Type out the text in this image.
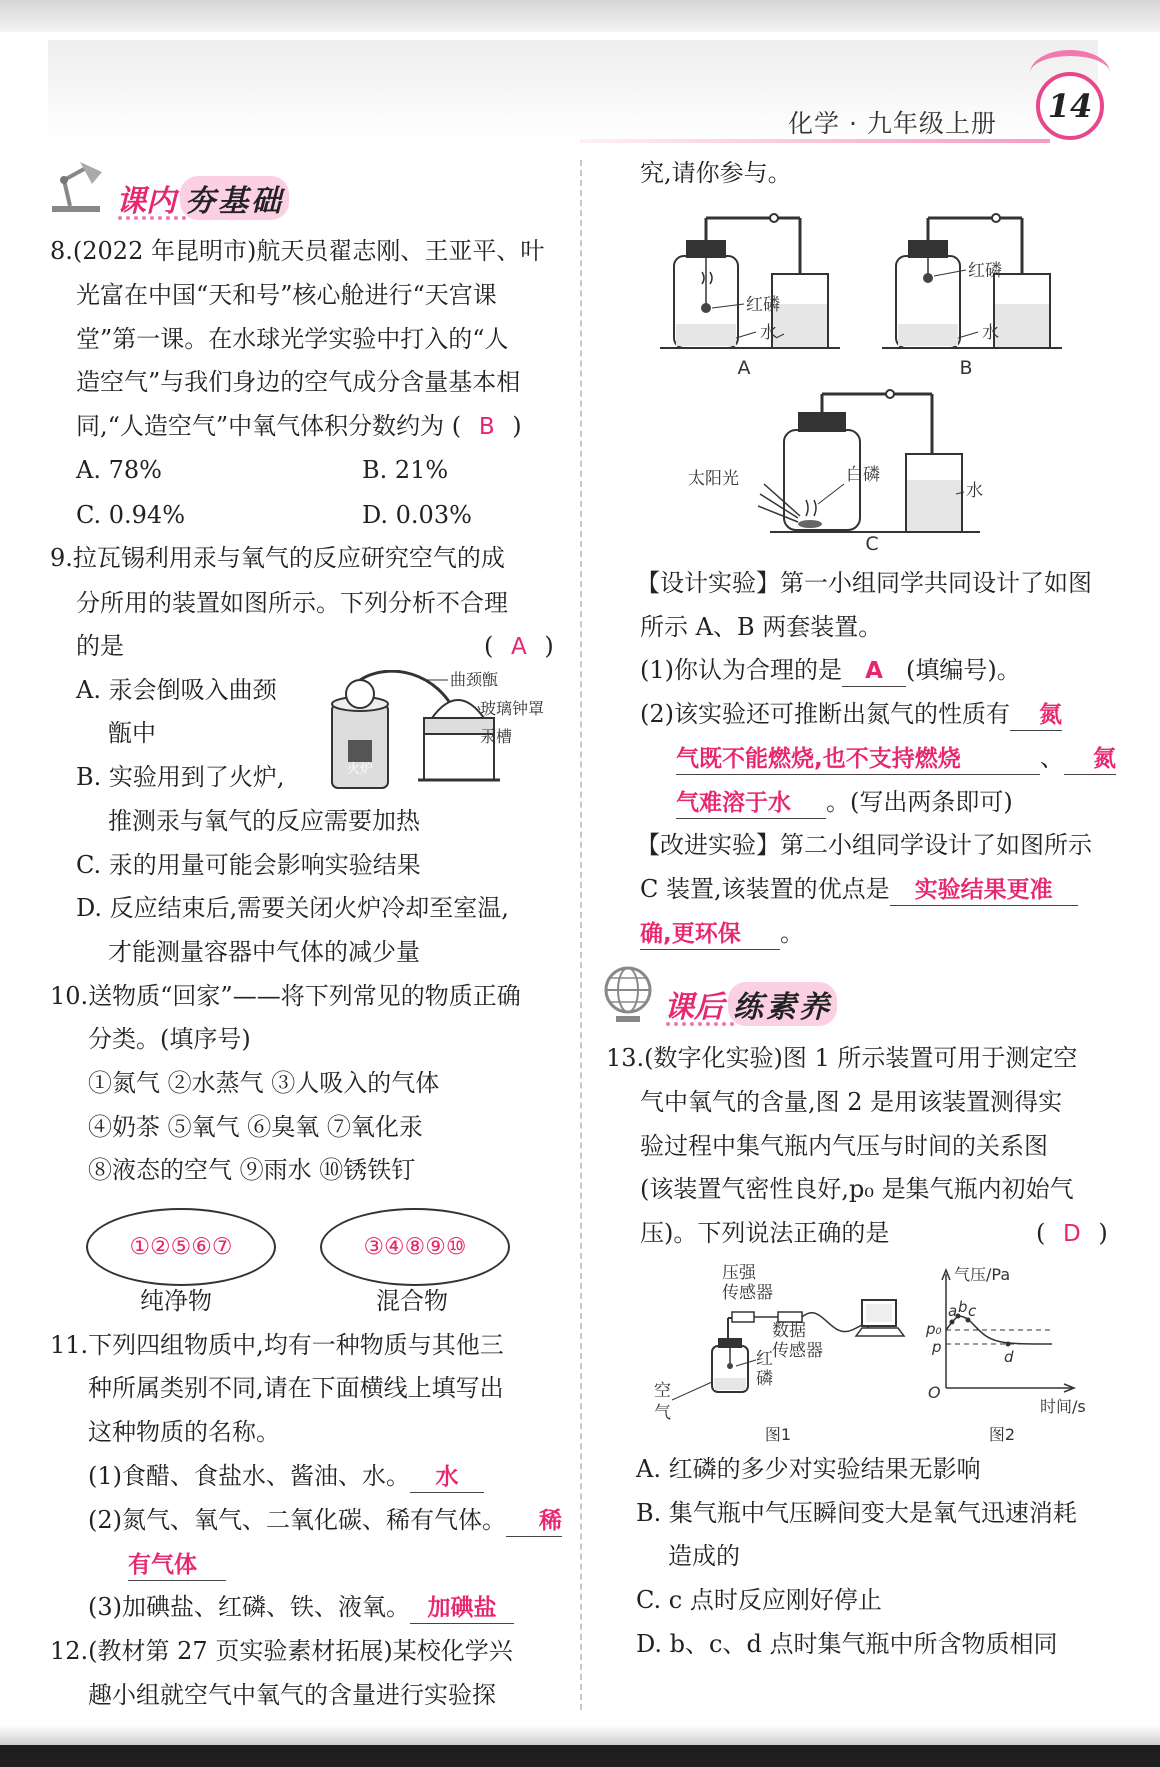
化学 · 九年级上册	14
课内 夯基础
8.(2022 年昆明市)航天员翟志刚、王亚平、叶
光富在中国“天和号”核心舱进行“天宫课
堂”第一课。在水球光学实验中打入的“人
造空气”与我们身边的空气成分含量基本相
同,“人造空气”中氧气体积分数约为 ( B )
A. 78%	B. 21%
C. 0.94%	D. 0.03%
9.拉瓦锡利用汞与氧气的反应研究空气的成
分所用的装置如图所示。下列分析不合理
的是	( A )
A. 汞会倒吸入曲颈
甑中
B. 实验用到了火炉,
推测汞与氧气的反应需要加热
C. 汞的用量可能会影响实验结果
D. 反应结束后,需要关闭火炉冷却至室温,
才能测量容器中气体的减少量
火炉
曲颈甑
玻璃钟罩
汞槽
10.送物质“回家”——将下列常见的物质正确
分类。(填序号)
①氮气 ②水蒸气 ③人吸入的气体
④奶茶 ⑤氧气 ⑥臭氧 ⑦氧化汞
⑧液态的空气 ⑨雨水 ⑩锈铁钉
①②⑤⑥⑦	③④⑧⑨⑩
纯净物	混合物
11.下列四组物质中,均有一种物质与其他三
种所属类别不同,请在下面横线上填写出
这种物质的名称。
(1)食醋、食盐水、酱油、水。 水
(2)氮气、氧气、二氧化碳、稀有气体。 稀
有气体
(3)加碘盐、红磷、铁、液氧。 加碘盐
12.(教材第 27 页实验素材拓展)某校化学兴
趣小组就空气中氧气的含量进行实验探
究,请你参与。
红磷
水
A
红磷
水
B
太阳光	白磷
水
C
【设计实验】第一小组同学共同设计了如图
所示 A、B 两套装置。
(1)你认为合理的是 A (填编号)。
(2)该实验还可推断出氮气的性质有 氮
气既不能燃烧,也不支持燃烧	、 氮
气难溶于水 。(写出两条即可)
【改进实验】第二小组同学设计了如图所示
C 装置,该装置的优点是 实验结果更准
确,更环保 。
课后 练素养
13.(数字化实验)图 1 所示装置可用于测定空
气中氧气的含量,图 2 是用该装置测得实
验过程中集气瓶内气压与时间的关系图
(该装置气密性良好,p₀ 是集气瓶内初始气
压)。下列说法正确的是	( D )
压强
传感器
数据
传感器
空
气
红
磷
图1
气压/Pa
时间/s
O
p₀
p
a b c
d
图2
A. 红磷的多少对实验结果无影响
B. 集气瓶中气压瞬间变大是氧气迅速消耗
造成的
C. c 点时反应刚好停止
D. b、c、d 点时集气瓶中所含物质相同
